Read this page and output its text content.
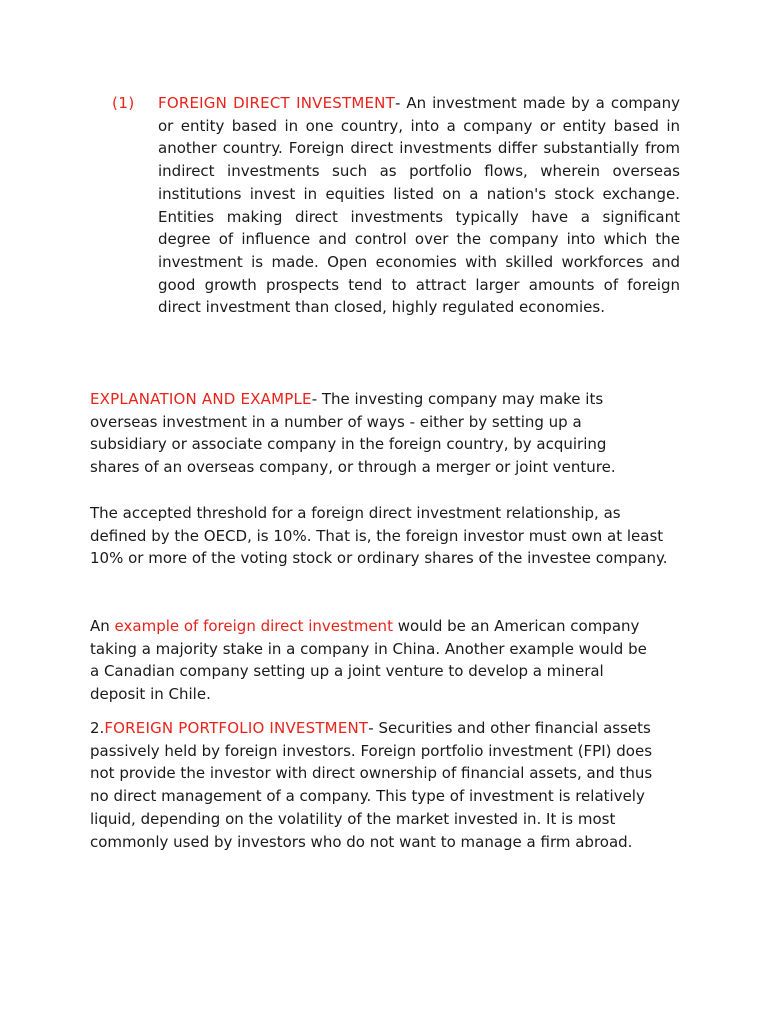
(1) FOREIGN DIRECT INVESTMENT- An investment made by a company or entity based in one country, into a company or entity based in another country. Foreign direct investments differ substantially from indirect investments such as portfolio flows, wherein overseas institutions invest in equities listed on a nation's stock exchange. Entities making direct investments typically have a significant degree of influence and control over the company into which the investment is made. Open economies with skilled workforces and good growth prospects tend to attract larger amounts of foreign direct investment than closed, highly regulated economies.
EXPLANATION AND EXAMPLE- The investing company may make its overseas investment in a number of ways - either by setting up a subsidiary or associate company in the foreign country, by acquiring shares of an overseas company, or through a merger or joint venture.
The accepted threshold for a foreign direct investment relationship, as defined by the OECD, is 10%. That is, the foreign investor must own at least 10% or more of the voting stock or ordinary shares of the investee company.
An example of foreign direct investment would be an American company taking a majority stake in a company in China. Another example would be a Canadian company setting up a joint venture to develop a mineral deposit in Chile.
2.FOREIGN PORTFOLIO INVESTMENT- Securities and other financial assets passively held by foreign investors. Foreign portfolio investment (FPI) does not provide the investor with direct ownership of financial assets, and thus no direct management of a company. This type of investment is relatively liquid, depending on the volatility of the market invested in. It is most commonly used by investors who do not want to manage a firm abroad.
